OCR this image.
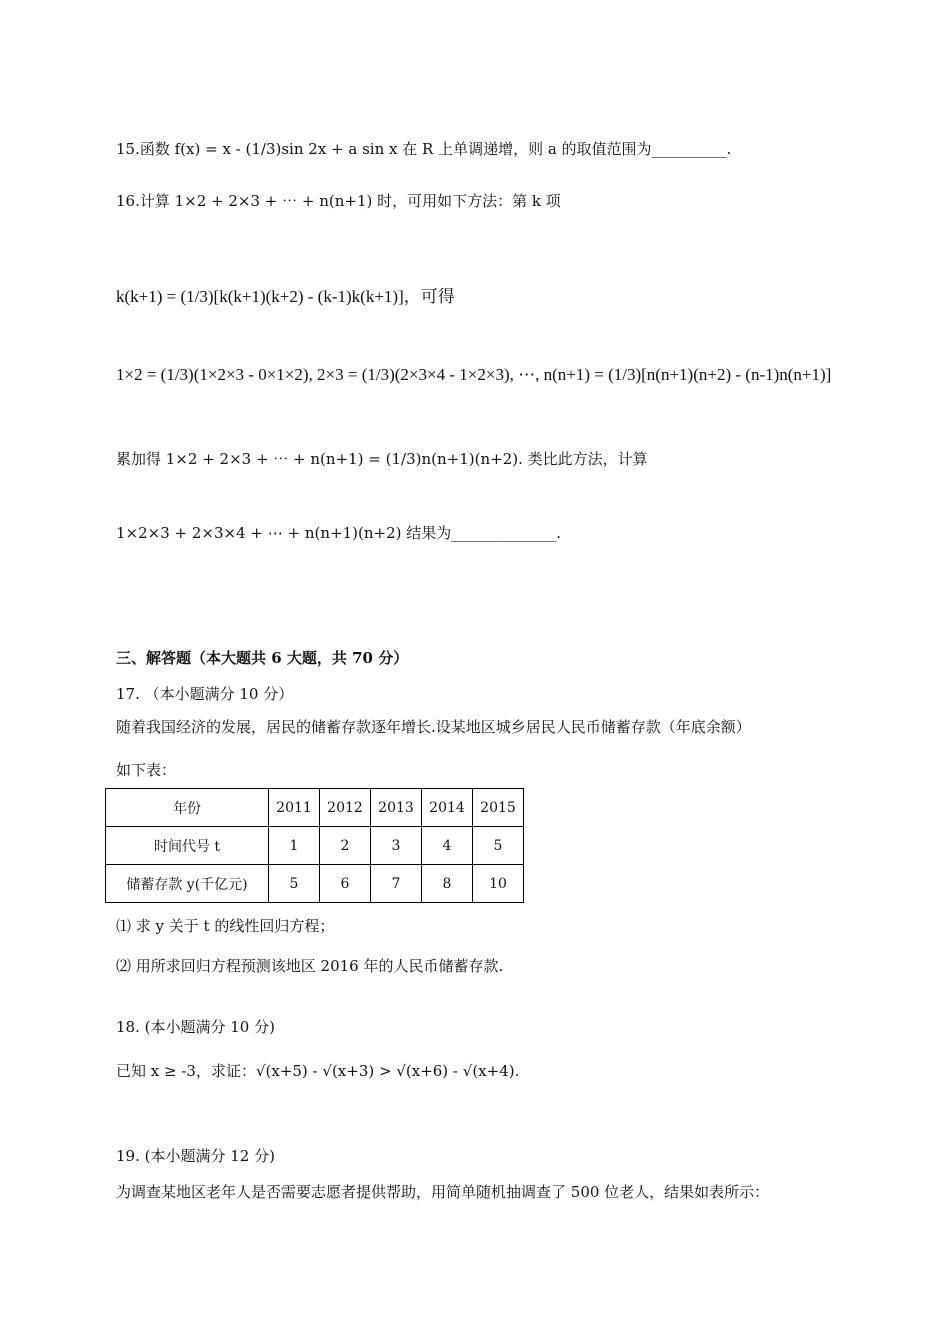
15.函数 f(x) = x - (1/3)sin 2x + a sin x 在 R 上单调递增，则 a 的取值范围为__________.
16.计算 1×2 + 2×3 + ⋯ + n(n+1) 时，可用如下方法：第 k 项
k(k+1) = (1/3)[k(k+1)(k+2) - (k-1)k(k+1)]，可得
1×2 = (1/3)(1×2×3 - 0×1×2), 2×3 = (1/3)(2×3×4 - 1×2×3), ⋯, n(n+1) = (1/3)[n(n+1)(n+2) - (n-1)n(n+1)]
累加得 1×2 + 2×3 + ⋯ + n(n+1) = (1/3)n(n+1)(n+2). 类比此方法，计算
1×2×3 + 2×3×4 + ⋯ + n(n+1)(n+2) 结果为______________.
三、解答题（本大题共 6 大题，共 70 分）
17. （本小题满分 10 分）
随着我国经济的发展，居民的储蓄存款逐年增长.设某地区城乡居民人民币储蓄存款（年底余额）
如下表：
年份	2011	2012	2013	2014	2015
时间代号 t	1	2	3	4	5
储蓄存款 y(千亿元)	5	6	7	8	10
⑴ 求 y 关于 t 的线性回归方程；
⑵ 用所求回归方程预测该地区 2016 年的人民币储蓄存款.
18. (本小题满分 10 分)
已知 x ≥ -3，求证：√(x+5) - √(x+3) > √(x+6) - √(x+4).
19. (本小题满分 12 分)
为调查某地区老年人是否需要志愿者提供帮助，用简单随机抽调查了 500 位老人，结果如表所示：
